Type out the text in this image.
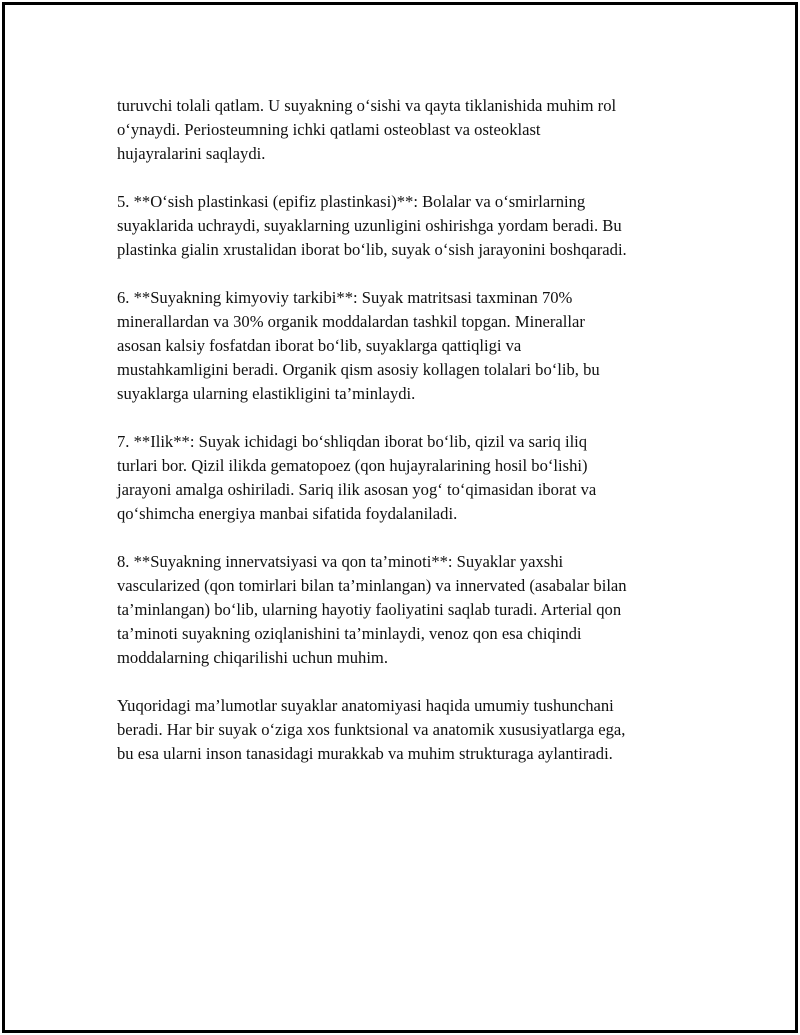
turuvchi tolali qatlam. U suyakning o‘sishi va qayta tiklanishida muhim rol
o‘ynaydi. Periosteumning ichki qatlami osteoblast va osteoklast
hujayralarini saqlaydi.

5. **O‘sish plastinkasi (epifiz plastinkasi)**: Bolalar va o‘smirlarning
suyaklarida uchraydi, suyaklarning uzunligini oshirishga yordam beradi. Bu
plastinka gialin xrustalidan iborat bo‘lib, suyak o‘sish jarayonini boshqaradi.

6. **Suyakning kimyoviy tarkibi**: Suyak matritsasi taxminan 70%
minerallardan va 30% organik moddalardan tashkil topgan. Minerallar
asosan kalsiy fosfatdan iborat bo‘lib, suyaklarga qattiqligi va
mustahkamligini beradi. Organik qism asosiy kollagen tolalari bo‘lib, bu
suyaklarga ularning elastikligini ta’minlaydi.

7. **Ilik**: Suyak ichidagi bo‘shliqdan iborat bo‘lib, qizil va sariq iliq
turlari bor. Qizil ilikda gematopoez (qon hujayralarining hosil bo‘lishi)
jarayoni amalga oshiriladi. Sariq ilik asosan yog‘ to‘qimasidan iborat va
qo‘shimcha energiya manbai sifatida foydalaniladi.

8. **Suyakning innervatsiyasi va qon ta’minoti**: Suyaklar yaxshi
vascularized (qon tomirlari bilan ta’minlangan) va innervated (asabalar bilan
ta’minlangan) bo‘lib, ularning hayotiy faoliyatini saqlab turadi. Arterial qon
ta’minoti suyakning oziqlanishini ta’minlaydi, venoz qon esa chiqindi
moddalarning chiqarilishi uchun muhim.

Yuqoridagi ma’lumotlar suyaklar anatomiyasi haqida umumiy tushunchani
beradi. Har bir suyak o‘ziga xos funktsional va anatomik xususiyatlarga ega,
bu esa ularni inson tanasidagi murakkab va muhim strukturaga aylantiradi.
